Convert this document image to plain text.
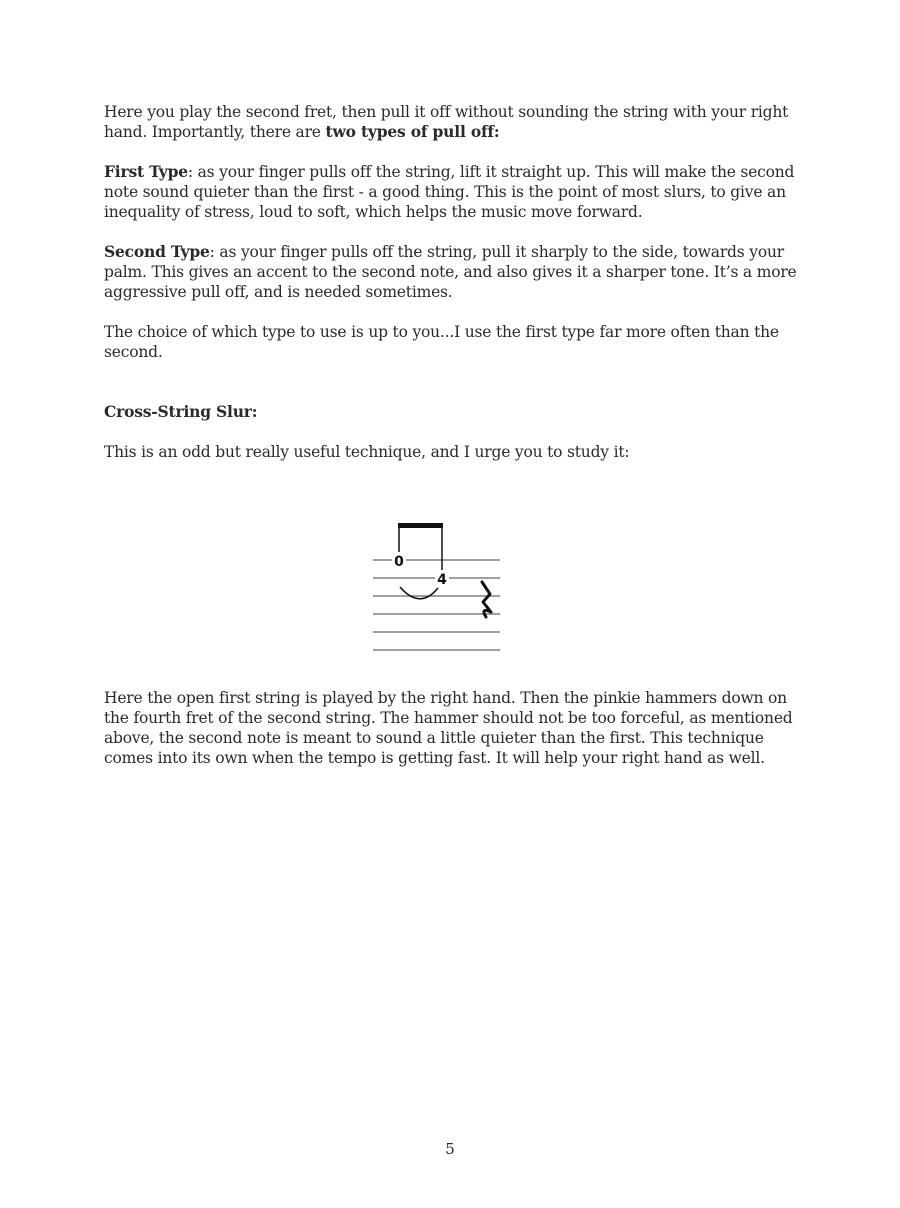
Here you play the second fret, then pull it off without sounding the string with your right hand. Importantly, there are two types of pull off:

First Type: as your finger pulls off the string, lift it straight up. This will make the second note sound quieter than the first - a good thing. This is the point of most slurs, to give an inequality of stress, loud to soft, which helps the music move forward.

Second Type: as your finger pulls off the string, pull it sharply to the side, towards your palm. This gives an accent to the second note, and also gives it a sharper tone. It’s a more aggressive pull off, and is needed sometimes.

The choice of which type to use is up to you...I use the first type far more often than the second.

Cross-String Slur:

This is an odd but really useful technique, and I urge you to study it:

0
4

Here the open first string is played by the right hand. Then the pinkie hammers down on the fourth fret of the second string. The hammer should not be too forceful, as mentioned above, the second note is meant to sound a little quieter than the first. This technique comes into its own when the tempo is getting fast. It will help your right hand as well.

5
